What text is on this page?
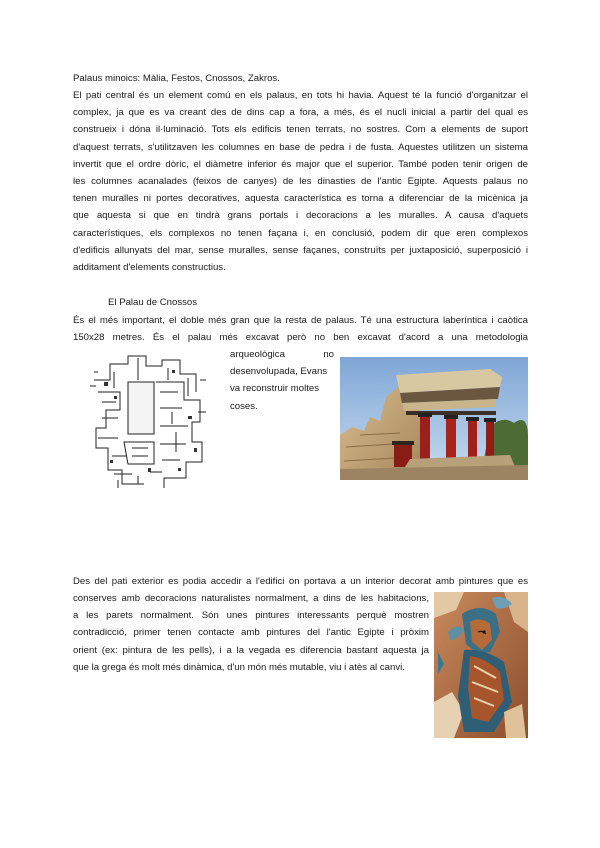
Palaus minoics: Màlia, Festos, Cnossos, Zakros.
El pati central és un element comú en els palaus, en tots hi havia. Aquest té la funció d'organitzar el
complex, ja que es va creant des de dins cap a fora, a més, és el nucli inicial a partir del qual es
construeix i dóna il·luminació. Tots els edificis tenen terrats, no sostres. Com a elements de suport
d'aquest terrats, s'utilitzaven les columnes en base de pedra i de fusta. Aquestes utilitzen un sistema
invertit que el ordre dòric, el diàmetre inferior és major que el superior. També poden tenir origen de
les columnes acanalades (feixos de canyes) de les dinasties de l'antic Egipte. Aquests palaus no
tenen muralles ni portes decoratives, aquesta característica es torna a diferenciar de la micènica ja
que aquesta si que en tindrà grans portals i decoracions a les muralles. A causa d'aquets
característiques, els complexos no tenen façana i, en conclusió, podem dir que eren complexos
d'edificis allunyats del mar, sense muralles, sense façanes, construïts per juxtaposició, superposició i
additament d'elements constructius.
El Palau de Cnossos
És el més important, el doble més gran que la resta de palaus. Té una estructura laberíntica i caòtica
150x28 metres. És el palau més excavat però no ben excavat d'acord a una metodologia
arqueològica no
desenvolupada, Evans
va reconstruir moltes
coses.
Des del pati exterior es podia accedir a l'edifici on portava a un interior decorat amb pintures que es
conserves amb decoracions naturalistes normalment, a dins de les habitacions,
a les parets normalment. Són unes pintures interessants perquè mostren
contradicció, primer tenen contacte amb pintures del l'antic Egipte i pròxim
orient (ex: pintura de les pells), i a la vegada es diferencia bastant aquesta ja
que la grega és molt més dinàmica, d'un món més mutable, viu i atès al canvi.
